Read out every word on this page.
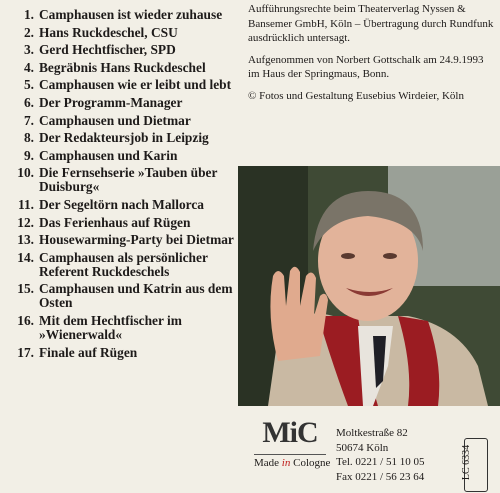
1. Camphausen ist wieder zuhause
2. Hans Ruckdeschel, CSU
3. Gerd Hechtfischer, SPD
4. Begräbnis Hans Ruckdeschel
5. Camphausen wie er leibt und lebt
6. Der Programm-Manager
7. Camphausen und Dietmar
8. Der Redakteursjob in Leipzig
9. Camphausen und Karin
10. Die Fernsehserie »Tauben über Duisburg«
11. Der Segeltörn nach Mallorca
12. Das Ferienhaus auf Rügen
13. Housewarming-Party bei Dietmar
14. Camphausen als persönlicher Referent Ruckdeschels
15. Camphausen und Katrin aus dem Osten
16. Mit dem Hechtfischer im »Wienerwald«
17. Finale auf Rügen

Aufführungsrechte beim Theaterverlag Nyssen & Bansemer GmbH, Köln – Übertragung durch Rundfunk ausdrücklich untersagt.

Aufgenommen von Norbert Gottschalk am 24.9.1993 im Haus der Springmaus, Bonn.

© Fotos und Gestaltung Eusebius Wirdeier, Köln

MiC
Made in Cologne
Moltkestraße 82
50674 Köln
Tel. 0221 / 51 10 05
Fax 0221 / 56 23 64	LC 6334
